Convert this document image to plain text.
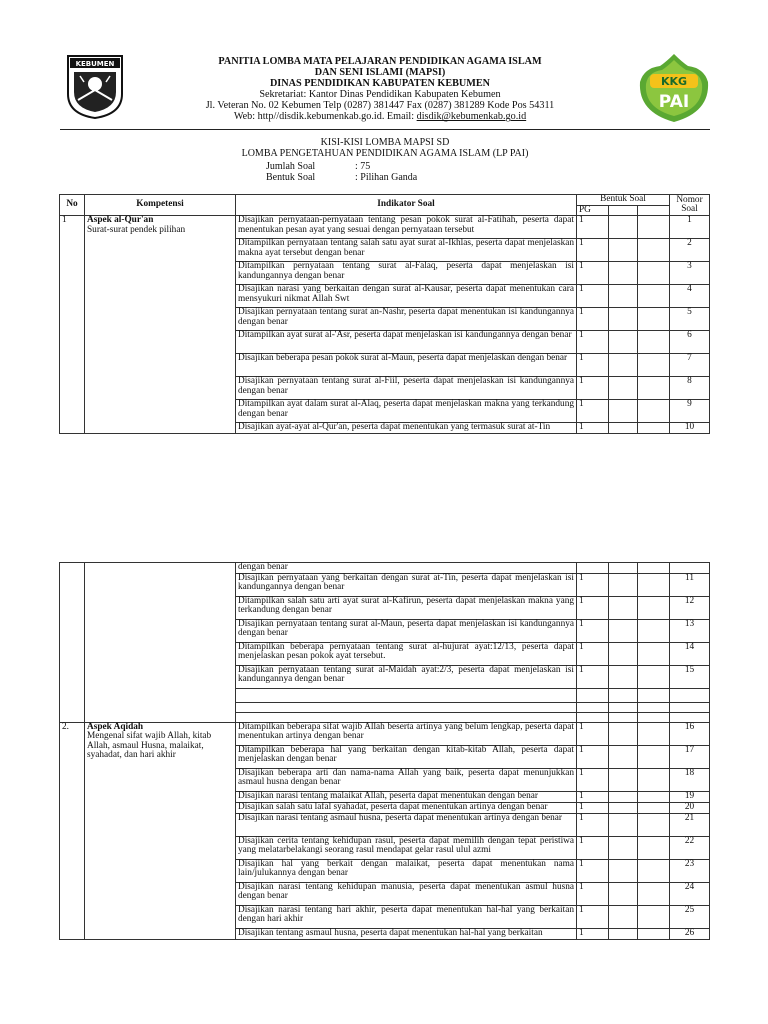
KEBUMEN	PANITIA LOMBA MATA PELAJARAN PENDIDIKAN AGAMA ISLAM
DAN SENI ISLAMI (MAPSI)
DINAS PENDIDIKAN KABUPATEN KEBUMEN
Sekretariat: Kantor Dinas Pendidikan Kabupaten Kebumen
Jl. Veteran No. 02 Kebumen Telp (0287) 381447 Fax (0287) 381289 Kode Pos 54311
Web: http//disdik.kebumenkab.go.id. Email: disdik@kebumenkab.go.id
KKG
PAI
KISI-KISI LOMBA MAPSI SD
LOMBA PENGETAHUAN PENDIDIKAN AGAMA ISLAM (LP PAI)
Jumlah Soal	: 75
Bentuk Soal	: Pilihan Ganda
No	Kompetensi	Indikator Soal	Bentuk Soal			Nomor Soal
			PG			
1	Aspek al-Qur'an
Surat-surat pendek pilihan	Disajikan pernyataan-pernyataan tentang pesan pokok surat al-Fatihah, peserta dapat menentukan pesan ayat yang sesuai dengan pernyataan tersebut	1			1
		Ditampilkan pernyataan tentang salah satu ayat surat al-Ikhlas, peserta dapat menjelaskan makna ayat tersebut dengan benar	1			2
		Ditampilkan pernyataan tentang surat al-Falaq, peserta dapat menjelaskan isi kandungannya dengan benar	1			3
		Disajikan narasi yang berkaitan dengan surat al-Kausar, peserta dapat menentukan cara mensyukuri nikmat Allah Swt	1			4
		Disajikan pernyataan tentang surat an-Nashr, peserta dapat menentukan isi kandungannya dengan benar	1			5
		Ditampilkan ayat surat al-'Asr, peserta dapat menjelaskan isi kandungannya dengan benar	1			6
		Disajikan beberapa pesan pokok surat al-Maun, peserta dapat menjelaskan dengan benar	1			7
		Disajikan pernyataan tentang surat al-Fiil, peserta dapat menjelaskan isi kandungannya dengan benar	1			8
		Ditampilkan ayat dalam surat al-Alaq, peserta dapat menjelaskan makna yang terkandung dengan benar	1			9
		Disajikan ayat-ayat al-Qur'an, peserta dapat menentukan yang termasuk surat at-Tin	1			10
		dengan benar				
		Disajikan pernyataan yang berkaitan dengan surat at-Tin, peserta dapat menjelaskan isi kandungannya dengan benar	1			11
		Ditampilkan salah satu arti ayat surat al-Kafirun, peserta dapat menjelaskan makna yang terkandung dengan benar	1			12
		Disajikan pernyataan tentang surat al-Maun, peserta dapat menjelaskan isi kandungannya dengan benar	1			13
		Ditampilkan beberapa pernyataan tentang surat al-hujurat ayat:12/13, peserta dapat menjelaskan pesan pokok ayat tersebut.	1			14
		Disajikan pernyataan tentang surat al-Maidah ayat:2/3, peserta dapat menjelaskan isi kandungannya dengan benar	1			15

2.	Aspek Aqidah
Mengenal sifat wajib Allah, kitab Allah, asmaul Husna, malaikat, syahadat, dan hari akhir	Ditampilkan beberapa sifat wajib Allah beserta artinya yang belum lengkap, peserta dapat menentukan artinya dengan benar	1			16
		Ditampilkan beberapa hal yang berkaitan dengan kitab-kitab Allah, peserta dapat menjelaskan dengan benar	1			17
		Disajikan beberapa arti dan nama-nama Allah yang baik, peserta dapat menunjukkan asmaul husna dengan benar	1			18
		Disajikan narasi tentang malaikat Allah, peserta dapat menentukan dengan benar	1			19
		Disajikan salah satu lafal syahadat, peserta dapat menentukan artinya dengan benar	1			20
		Disajikan narasi tentang asmaul husna, peserta dapat menentukan artinya dengan benar	1			21
		Disajikan cerita tentang kehidupan rasul, peserta dapat memilih dengan tepat peristiwa yang melatarbelakangi seorang rasul mendapat gelar rasul ulul azmi	1			22
		Disajikan hal yang berkait dengan malaikat, peserta dapat menentukan nama lain/julukannya dengan benar	1			23
		Disajikan narasi tentang kehidupan manusia, peserta dapat menentukan asmul husna dengan benar	1			24
		Disajikan narasi tentang hari akhir, peserta dapat menentukan hal-hal yang berkaitan dengan hari akhir	1			25
		Disajikan tentang asmaul husna, peserta dapat menentukan hal-hal yang berkaitan	1			26
